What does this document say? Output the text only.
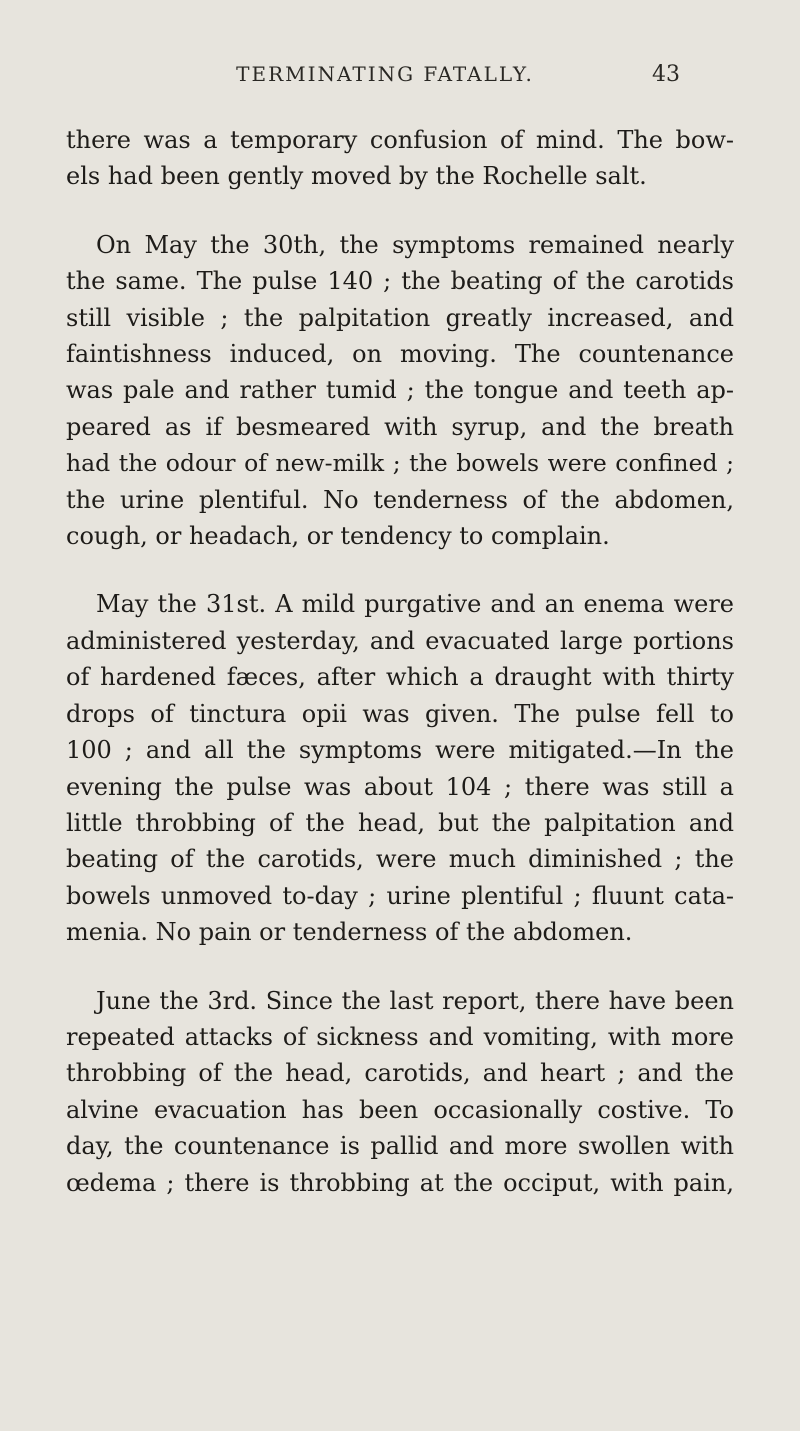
TERMINATING FATALLY.	43

there was a temporary confusion of mind. The bow-
els had been gently moved by the Rochelle salt.

On May the 30th, the symptoms remained nearly
the same. The pulse 140 ; the beating of the carotids
still visible ; the palpitation greatly increased, and
faintishness induced, on moving. The countenance
was pale and rather tumid ; the tongue and teeth ap-
peared as if besmeared with syrup, and the breath
had the odour of new-milk ; the bowels were confined ;
the urine plentiful. No tenderness of the abdomen,
cough, or headach, or tendency to complain.

May the 31st. A mild purgative and an enema were
administered yesterday, and evacuated large portions
of hardened fæces, after which a draught with thirty
drops of tinctura opii was given. The pulse fell to
100 ; and all the symptoms were mitigated.—In the
evening the pulse was about 104 ; there was still a
little throbbing of the head, but the palpitation and
beating of the carotids, were much diminished ; the
bowels unmoved to-day ; urine plentiful ; fluunt cata-
menia. No pain or tenderness of the abdomen.

June the 3rd. Since the last report, there have been
repeated attacks of sickness and vomiting, with more
throbbing of the head, carotids, and heart ; and the
alvine evacuation has been occasionally costive. To
day, the countenance is pallid and more swollen with
œdema ; there is throbbing at the occiput, with pain,
